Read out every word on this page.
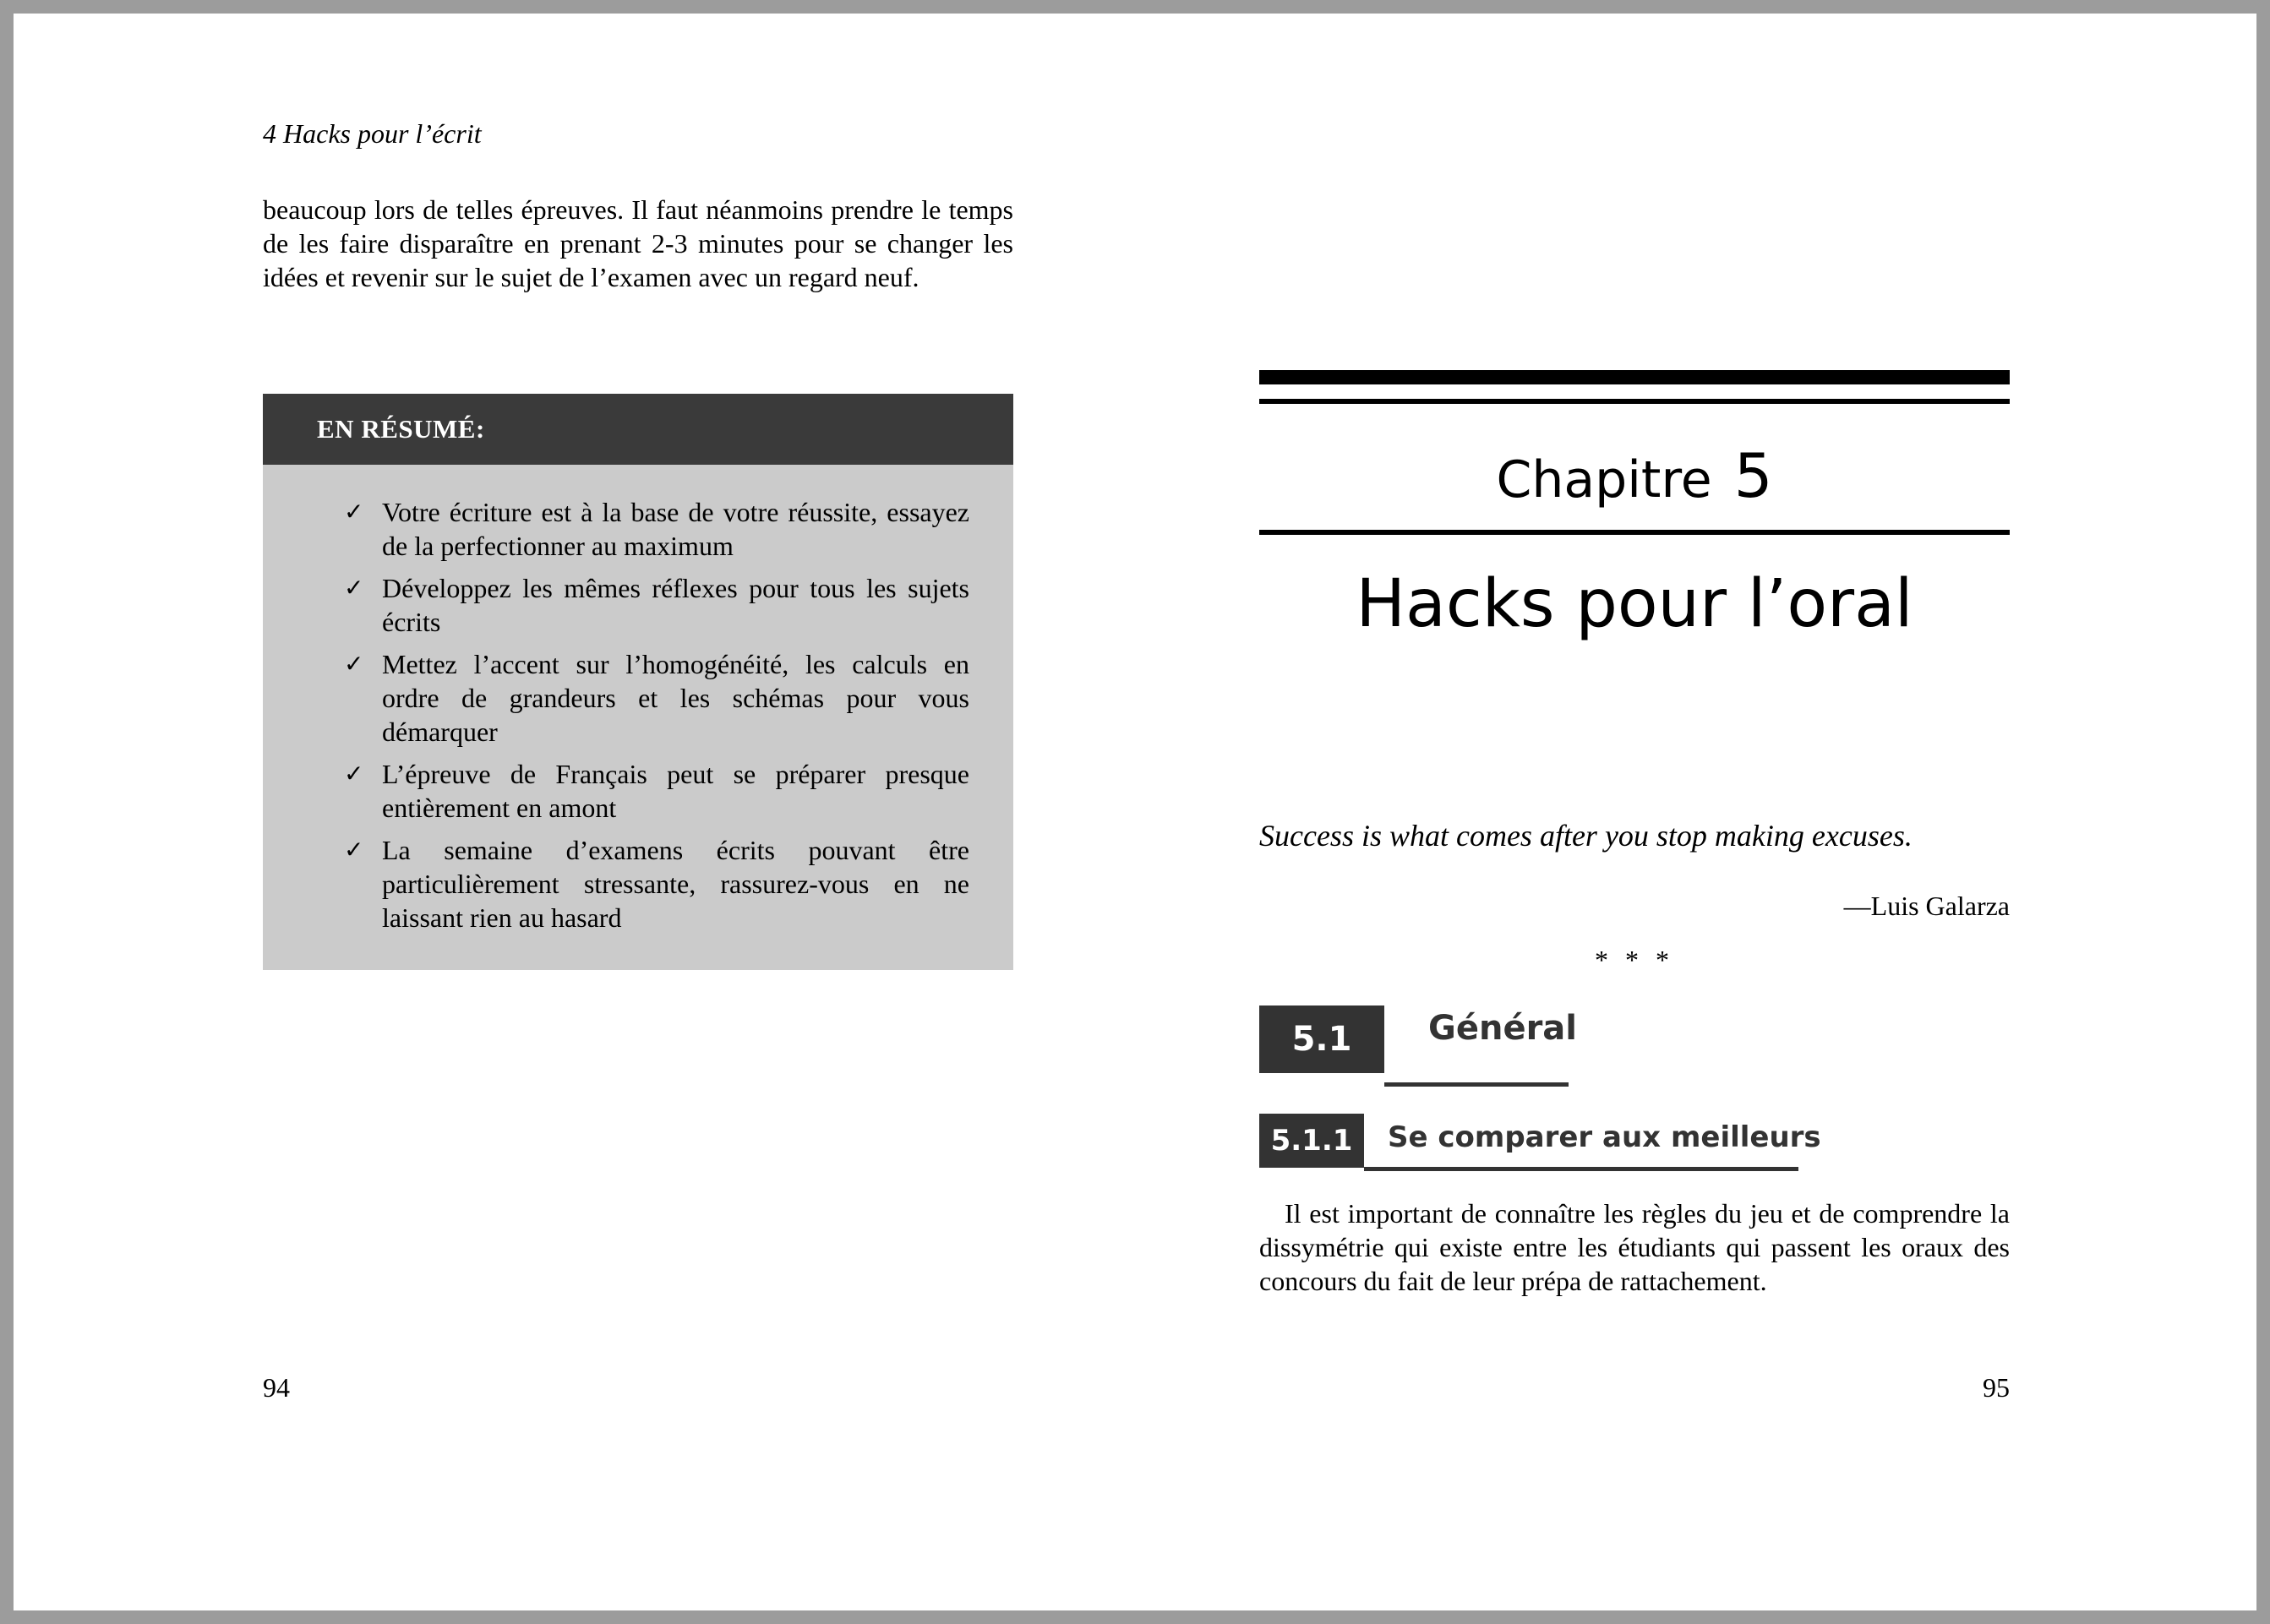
4 Hacks pour l’écrit

beaucoup lors de telles épreuves. Il faut néanmoins prendre le temps de les faire disparaître en prenant 2-3 minutes pour se changer les idées et revenir sur le sujet de l’examen avec un regard neuf.

EN RÉSUMÉ:
✓ Votre écriture est à la base de votre réussite, essayez de la perfectionner au maximum
✓ Développez les mêmes réflexes pour tous les sujets écrits
✓ Mettez l’accent sur l’homogénéité, les calculs en ordre de grandeurs et les schémas pour vous démarquer
✓ L’épreuve de Français peut se préparer presque entièrement en amont
✓ La semaine d’examens écrits pouvant être particulièrement stressante, rassurez-vous en ne laissant rien au hasard
94
Chapitre 5
Hacks pour l’oral
Success is what comes after you stop making excuses.
—Luis Galarza
* * *
5.1	Général
5.1.1	Se comparer aux meilleurs

Il est important de connaître les règles du jeu et de comprendre la dissymétrie qui existe entre les étudiants qui passent les oraux des concours du fait de leur prépa de rattachement.

95
